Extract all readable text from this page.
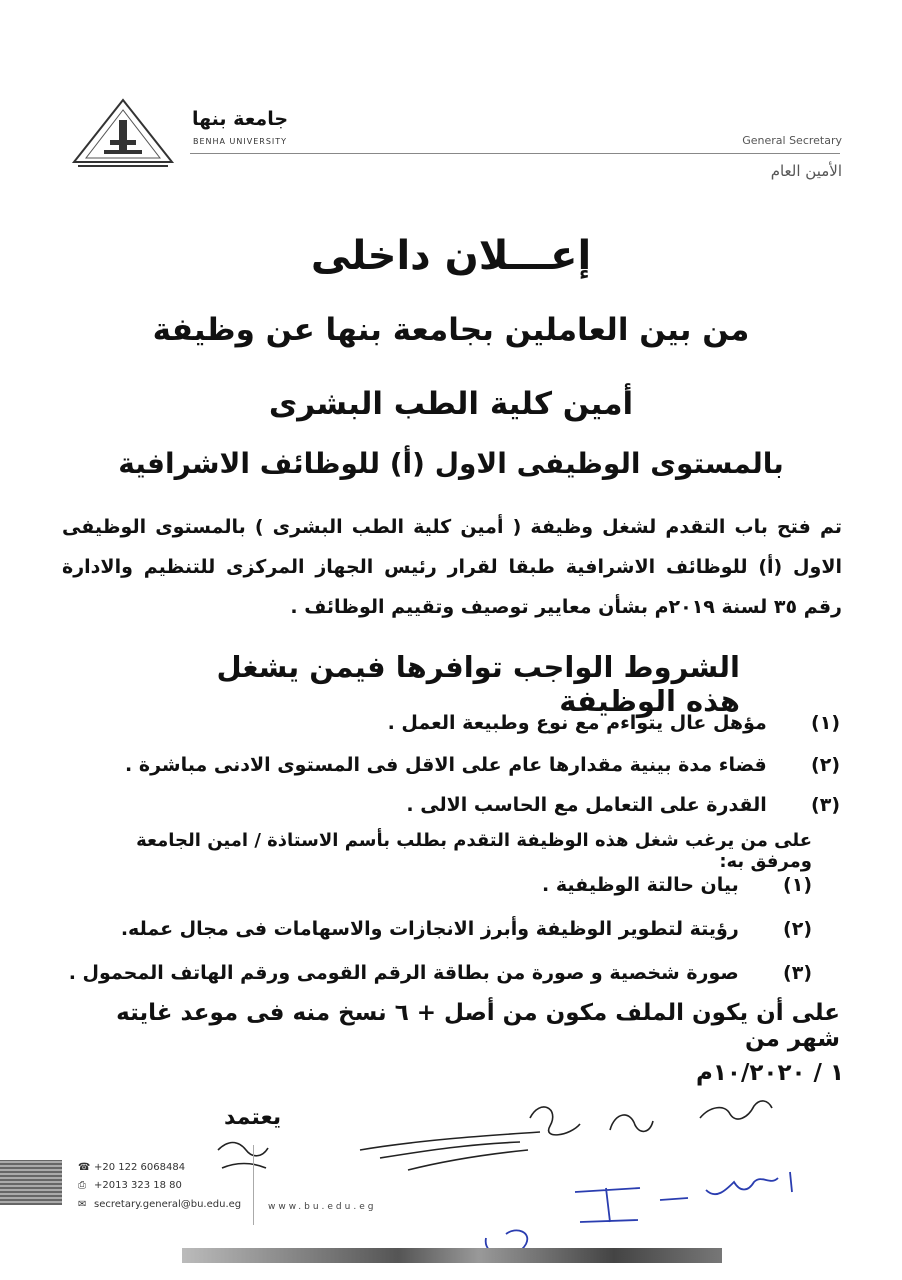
جامعة بنها
BENHA UNIVERSITY	General Secretary
الأمين العام
إعـــلان داخلى
من بين العاملين بجامعة بنها عن وظيفة
أمين كلية الطب البشرى
بالمستوى الوظيفى الاول (أ) للوظائف الاشرافية
تم فتح باب التقدم لشغل وظيفة ( أمين كلية الطب البشرى ) بالمستوى الوظيفى الاول (أ) للوظائف الاشرافية طبقا لقرار رئيس الجهاز المركزى للتنظيم والادارة رقم ٣٥ لسنة ٢٠١٩م بشأن معايير توصيف وتقييم الوظائف .
الشروط الواجب توافرها فيمن يشغل هذه الوظيفة
(١)  مؤهل عال يتواءم مع نوع وطبيعة العمل .
(٢)  قضاء مدة بينية مقدارها عام على الاقل فى المستوى الادنى مباشرة .
(٣)  القدرة على التعامل مع الحاسب الالى .
على من يرغب شغل هذه الوظيفة التقدم بطلب بأسم الاستاذة / امين الجامعة ومرفق به:
(١)  بيان حالتة الوظيفية .
(٢)  رؤيتة لتطوير الوظيفة وأبرز الانجازات والاسهامات فى مجال عمله.
(٣)  صورة شخصية و صورة من بطاقة الرقم القومى ورقم الهاتف المحمول .
على أن يكون الملف مكون من أصل + ٦ نسخ منه فى موعد غايته شهر من
١ / ١٠/٢٠٢٠م
يعتمد
☎ +20 122 6068484
⎙ +2013 323 18 80
✉ secretary.general@bu.edu.eg	www.bu.edu.eg
